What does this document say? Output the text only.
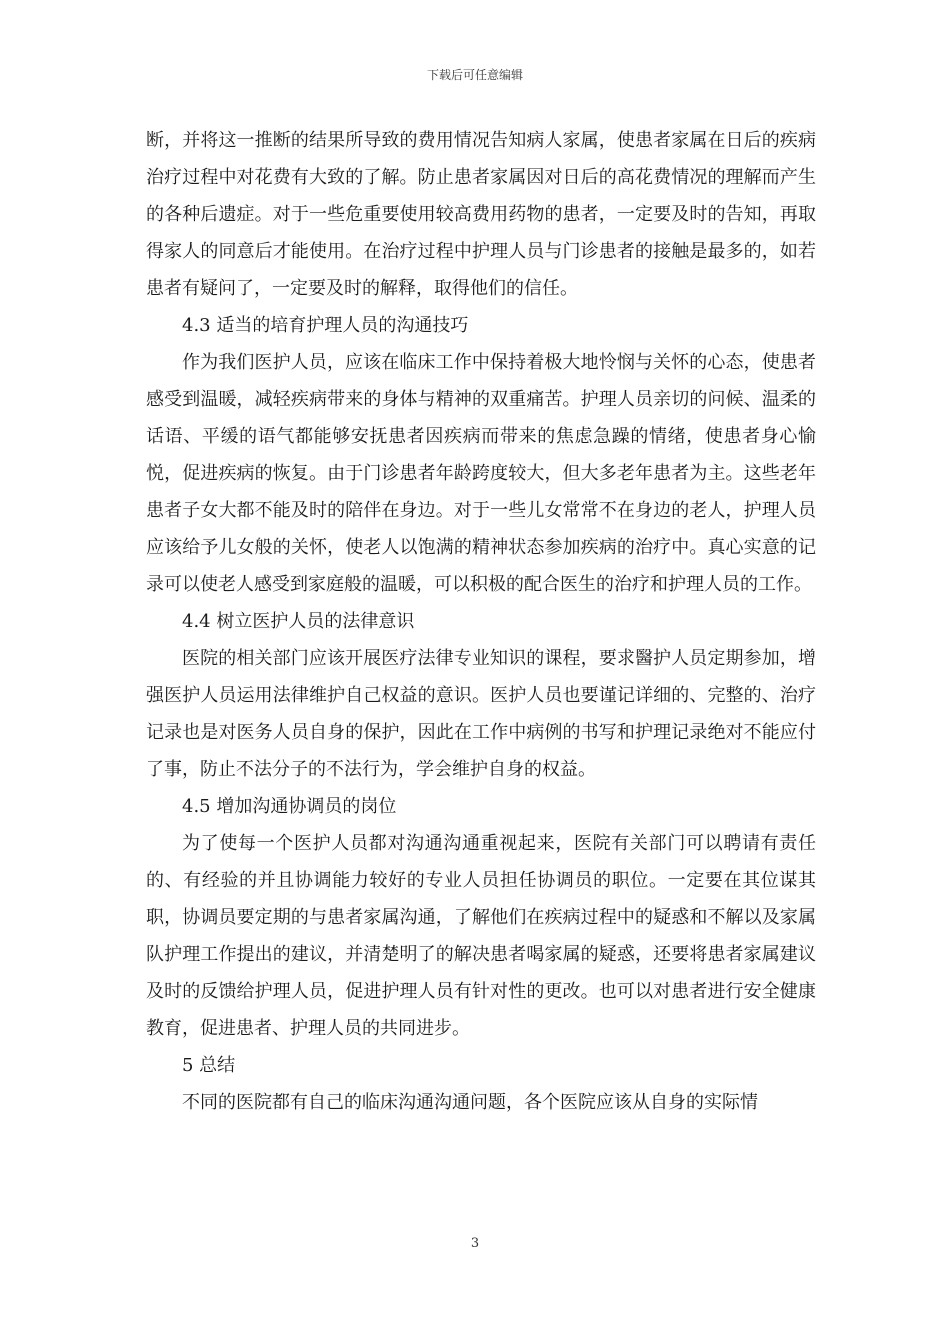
下载后可任意编辑

断，并将这一推断的结果所导致的费用情况告知病人家属，使患者家属在日后的疾病治疗过程中对花费有大致的了解。防止患者家属因对日后的高花费情况的理解而产生的各种后遗症。对于一些危重要使用较高费用药物的患者，一定要及时的告知，再取得家人的同意后才能使用。在治疗过程中护理人员与门诊患者的接触是最多的，如若患者有疑问了，一定要及时的解释，取得他们的信任。

4.3 适当的培育护理人员的沟通技巧

作为我们医护人员，应该在临床工作中保持着极大地怜悯与关怀的心态，使患者感受到温暖，减轻疾病带来的身体与精神的双重痛苦。护理人员亲切的问候、温柔的话语、平缓的语气都能够安抚患者因疾病而带来的焦虑急躁的情绪，使患者身心愉悦，促进疾病的恢复。由于门诊患者年龄跨度较大，但大多老年患者为主。这些老年患者子女大都不能及时的陪伴在身边。对于一些儿女常常不在身边的老人，护理人员应该给予儿女般的关怀，使老人以饱满的精神状态参加疾病的治疗中。真心实意的记录可以使老人感受到家庭般的温暖，可以积极的配合医生的治疗和护理人员的工作。

4.4 树立医护人员的法律意识

医院的相关部门应该开展医疗法律专业知识的课程，要求醫护人员定期参加，增强医护人员运用法律维护自己权益的意识。医护人员也要谨记详细的、完整的、治疗记录也是对医务人员自身的保护，因此在工作中病例的书写和护理记录绝对不能应付了事，防止不法分子的不法行为，学会维护自身的权益。

4.5 增加沟通协调员的岗位

为了使每一个医护人员都对沟通沟通重视起来，医院有关部门可以聘请有责任的、有经验的并且协调能力较好的专业人员担任协调员的职位。一定要在其位谋其职，协调员要定期的与患者家属沟通，了解他们在疾病过程中的疑惑和不解以及家属队护理工作提出的建议，并清楚明了的解决患者喝家属的疑惑，还要将患者家属建议及时的反馈给护理人员，促进护理人员有针对性的更改。也可以对患者进行安全健康教育，促进患者、护理人员的共同进步。

5 总结

不同的医院都有自己的临床沟通沟通问题，各个医院应该从自身的实际情

3
